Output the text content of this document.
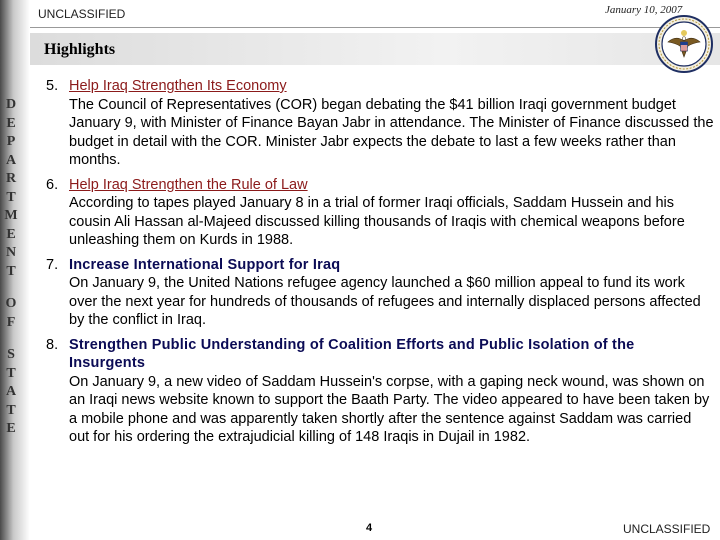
D
E
P
A
R
T
M
E
N
T
O
F
S
T
A
T
E
UNCLASSIFIED	January 10, 2007
Highlights
5. Help Iraq Strengthen Its Economy
The Council of Representatives (COR) began debating the $41 billion Iraqi government budget January 9, with Minister of Finance Bayan Jabr in attendance. The Minister of Finance discussed the budget in detail with the COR. Minister Jabr expects the debate to last a few weeks rather than months.
6. Help Iraq Strengthen the Rule of Law
According to tapes played January 8 in a trial of former Iraqi officials, Saddam Hussein and his cousin Ali Hassan al-Majeed discussed killing thousands of Iraqis with chemical weapons before unleashing them on Kurds in 1988.
7. Increase International Support for Iraq
On January 9, the United Nations refugee agency launched a $60 million appeal to fund its work over the next year for hundreds of thousands of refugees and internally displaced persons affected by the conflict in Iraq.
8. Strengthen Public Understanding of Coalition Efforts and Public Isolation of the Insurgents
On January 9, a new video of Saddam Hussein's corpse, with a gaping neck wound, was shown on an Iraqi news website known to support the Baath Party. The video appeared to have been taken by a mobile phone and was apparently taken shortly after the sentence against Saddam was carried out for his ordering the extrajudicial killing of 148 Iraqis in Dujail in 1982.
4	UNCLASSIFIED
